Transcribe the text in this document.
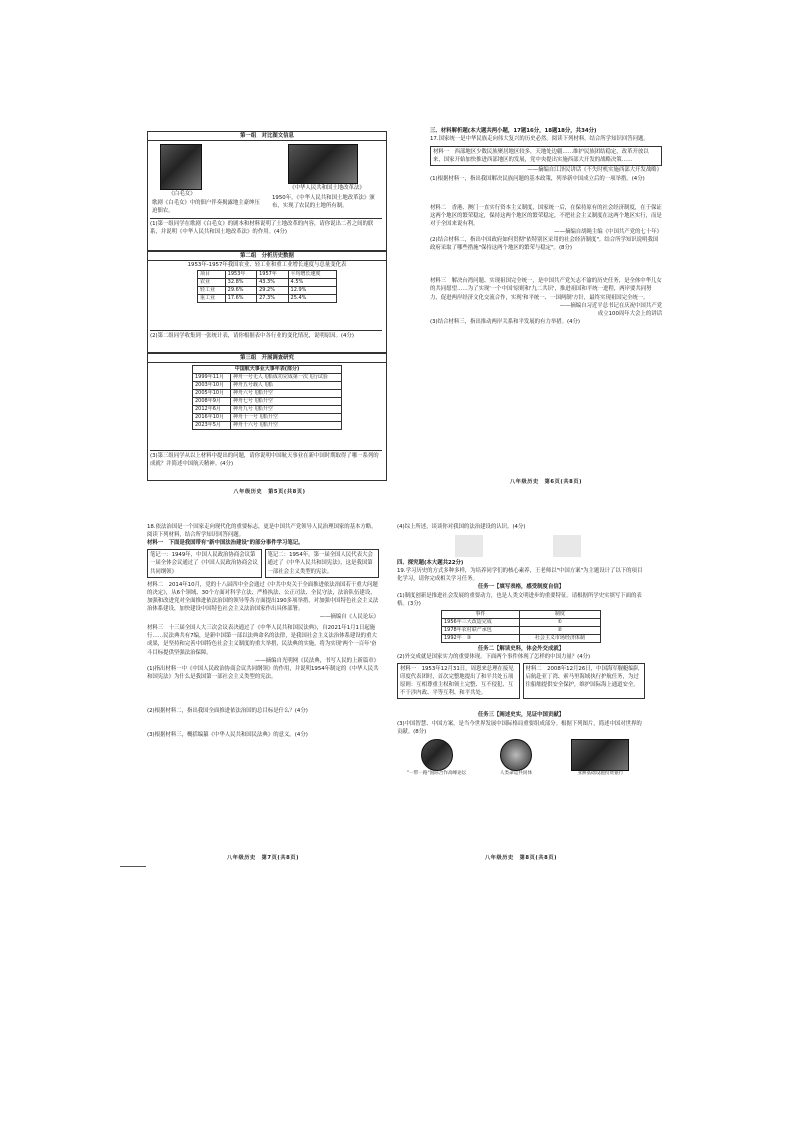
第一组　对比图文信息
《白毛女》
《中华人民共和国土地改革法》
歌剧《白毛女》中的佃户伴奏揭露地主豪绅压迫佃农。
1950年，《中华人民共和国土地改革法》颁布，实现了农民的土地所有制。
(1)第一组同学在歌剧《白毛女》的剧本和材料说明了土地改革的内容，请你说出二者之间的联系，并说明《中华人民共和国土地改革法》的作用。(4分)
第二组　分析历史数据
1953年-1957年我国农业、轻工业和重工业增长速度与总量变化表
项目	1953年	1957年	平均增长速度
农业	32.8%	43.3%	4.5%
轻工业	29.6%	29.2%	12.9%
重工业	17.6%	27.3%	25.4%
(2)第二组同学收集到一张统计表，请你根据表中各行业的变化情况，说明原因。(4分)
第三组　开展调查研究
中国航天事业大事年表(部分)	
1999年11月	神舟一号无人飞船成功完成第一次飞行试验
2003年10月	神舟五号载人飞船
2005年10月	神舟六号飞船升空
2008年9月	神舟七号飞船升空
2012年6月	神舟九号飞船升空
2016年10月	神舟十一号飞船升空
2023年5月	神舟十六号飞船升空
(3)第三组同学从以上材料中提出的问题，请你说明中国航天事业在新中国时期取得了哪一系列的成就？并简述中国航天精神。(4分)
八年级历史　第5页(共8页)
三、材料解析题(本大题共两小题，17题16分，18题18分，共34分)
17.国家统一是中华民族走向伟大复兴的历史必然。阅读下列材料，结合所学知识回答问题。
材料一　西部地区少数民族聚居地区较多，天地处边疆……维护民族团结稳定，改革开放以来，国家开始加快推进西部地区的发展，党中央提出实施西部大开发的战略决策……
——摘编自江泽民讲话《不失时机实施西部大开发战略》
(1)根据材料一，指出我国解决民族问题的基本政策，列举新中国成立后的一项举措。(4分)
材料二　香港、澳门一直实行资本主义制度，国家统一后，在保持原有的社会经济制度，在于保证这两个地区的繁荣稳定，保持这两个地区的繁荣稳定，不把社会主义制度在这两个地区实行，而是对于全国来说有利。
——摘编自胡绳主编《中国共产党的七十年》
(2)结合材料二，指出中国政府如何贯彻"依特别区采用的社会经济制度"。结合所学知识说明我国政府采取了哪些措施"保持这两个地区的繁荣与稳定"。(8分)
材料三　解决台湾问题、实现祖国完全统一，是中国共产党矢志不渝的历史任务，是全体中华儿女的共同愿望……为了实现'一个中国'原则和'九二共识'，推进祖国和平统一进程，两岸要共同努力，促进两岸经济文化交流合作，实现'和平统一、一国两制'方针，最终实现祖国完全统一。
——摘编自习近平总书记在庆祝中国共产党
成立100周年大会上的讲话
(3)结合材料三，指出推动两岸关系和平发展的有力举措。(4分)
八年级历史　第6页(共8页)
18.依法治国是一个国家走向现代化的重要标志，更是中国共产党领导人民治理国家的基本方略。阅读下列材料，结合所学知识回答问题。
材料一　下面是我国带有"新中国法治建设"的部分事件学习笔记。
笔记一：1949年，中国人民政治协商会议第一届全体会议通过了《中国人民政治协商会议共同纲领》
笔记二：1954年，第一届全国人民代表大会通过了《中华人民共和国宪法》，这是我国第一部社会主义类型的宪法。
材料二　2014年10月，党的十八届四中全会通过《中共中央关于全面推进依法治国若干重大问题的决定》，从6个领域、30个方面对科学立法、严格执法、公正司法、全民守法，法治队伍建设，加强和改进党对全面推进依法治国的领导等各方面提出190多项举措，对加强中国特色社会主义法治体系建设，加快建设中国特色社会主义法治国家作出具体部署。
——摘编自《人民论坛》
材料三　十三届全国人大三次会议表决通过了《中华人民共和国民法典》，自2021年1月1日起施行……民法典共有7编，是新中国第一部以法典命名的法律，是我国社会主义法治体系建设的重大成果，是坚持和完善中国特色社会主义制度的重大举措，民法典的实施，将为实现'两个一百年'奋斗目标提供坚强法治保障。
——摘编自光明网《民法典，书写人民的上新篇章》
(1)指出材料一中《中国人民政治协商会议共同纲领》的作用，并说明1954年制定的《中华人民共和国宪法》为什么是我国第一部社会主义类型的宪法。
(2)根据材料二，指出我国全面推进依法治国的总目标是什么？(4分)
(3)根据材料三，概括编纂《中华人民共和国民法典》的意义。(4分)
八年级历史　第7页(共8页)
(4)综上所述，谈谈你对我国的法治建设的认识。(4分)
四、探究题(本大题共22分)
19.学习历史的方式多种多样，为培养同学们的核心素养，王老师以"中国方案"为主题设计了以下的项目化学习，请你完成相关学习任务。
任务一【填写表格，感受制度自信】
(1)制度创新是推进社会发展的重要动力，也是人类文明进步的重要特征。请根据所学史实填写下面的表格。(3分)
事件	制度
1956年三大改造完成	①
1978年农村联产承包	②
1992年　③　	社会主义市场经济体制
任务二【解读史料，体会外交成就】
(2)外交成就是国家实力的重要体现。下面两个事件体现了怎样的中国力量？(4分)
材料一　1953年12月31日，周恩来总理在接见印度代表团时，首次完整地提出了和平共处五项原则：互相尊重主权和领土完整、互不侵犯、互不干涉内政、平等互利、和平共处。
材料二　2008年12月26日，中国海军舰艇编队启航赴亚丁湾、索马里海域执行护航任务，为过往船舶提供安全保护，维护国际海上通道安全。
任务三【阐述史实，见证中国贡献】
(3)中国智慧、中国方案，是当今世界发展中国际格局重要组成部分。根据下列图片，简述中国对世界的贡献。(8分)
"一带一路"国际合作高峰论坛	人类命运共同体	亚洲基础设施投资银行
八年级历史　第8页(共8页)
